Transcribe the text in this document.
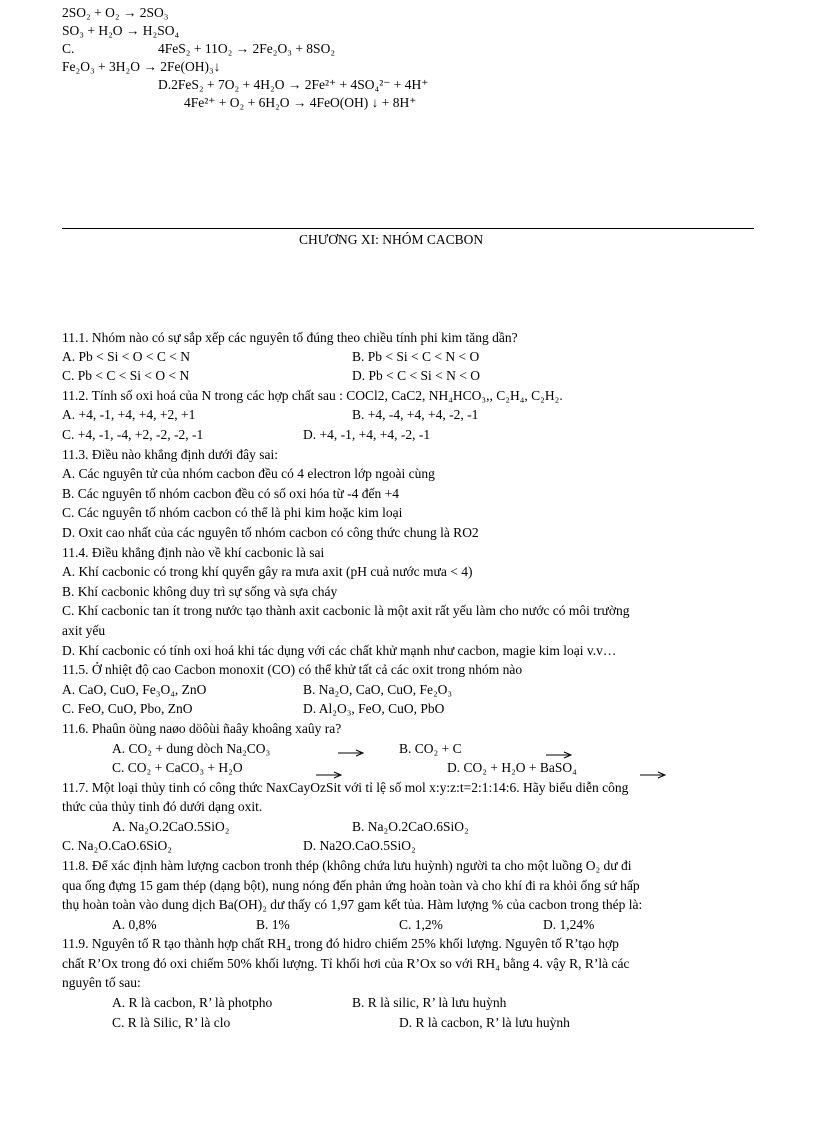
2SO₂ + O₂ → 2SO₃
SO₃ + H₂O → H₂SO₄
C.	4FeS₂ + 11O₂ → 2Fe₂O₃ + 8SO₂
Fe₂O₃ + 3H₂O → 2Fe(OH)₃↓
D.2FeS₂ + 7O₂ + 4H₂O → 2Fe²⁺ + 4SO₄²⁻ + 4H⁺
4Fe²⁺ + O₂ + 6H₂O → 4FeO(OH) ↓ + 8H⁺
CHƯƠNG XI: NHÓM CACBON
11.1. Nhóm nào có sự sắp xếp các nguyên tố đúng theo chiều tính phi kim tăng dần?
A. Pb < Si < O < C < N	B. Pb < Si < C < N < O
C. Pb < C < Si < O < N	D. Pb < C < Si < N < O
11.2. Tính số oxi hoá của N trong các hợp chất sau : COCl2, CaC2, NH₄HCO₃,, C₂H₄, C₂H₂.
A. +4, -1, +4, +4, +2, +1	B. +4, -4, +4, +4, -2, -1
C. +4, -1, -4, +2, -2, -2, -1	D. +4, -1, +4, +4, -2, -1
11.3. Điều nào khẳng định dưới đây sai:
A. Các nguyên tử của nhóm cacbon đều có 4 electron lớp ngoài cùng
B. Các nguyên tố nhóm cacbon đều có số oxi hóa từ -4 đến +4
C. Các nguyên tố nhóm cacbon có thể là phi kim hoặc kim loại
D. Oxit cao nhất của các nguyên tố nhóm cacbon có công thức chung là RO2
11.4. Điều khẳng định nào về khí cacbonic là sai
A. Khí cacbonic có trong khí quyển gây ra mưa axit (pH cuả nước mưa < 4)
B. Khí cacbonic không duy trì sự sống và sựa cháy
C. Khí cacbonic tan ít trong nước tạo thành axit cacbonic là một axit rất yếu làm cho nước có môi trường
axit yếu
D. Khí cacbonic có tính oxi hoá khi tác dụng với các chất khử mạnh như cacbon, magie kim loại v.v…
11.5. Ở nhiệt độ cao Cacbon monoxit (CO) có thể khử tất cả các oxit trong nhóm nào
A. CaO, CuO, Fe₃O₄, ZnO	B. Na₂O, CaO, CuO, Fe₂O₃
C. FeO, CuO, Pbo, ZnO	D. Al₂O₃, FeO, CuO, PbO
11.6. Phaûn öùng naøo döôùi ñaây khoâng xaûy ra?
A. CO₂ + dung dòch Na₂CO₃	B. CO₂ + C
C. CO₂ + CaCO₃ + H₂O	D. CO₂ + H₂O + BaSO₄
11.7. Một loại thủy tinh có công thức NaxCayOzSit với tỉ lệ số mol x:y:z:t=2:1:14:6. Hãy biểu diễn công
thức của thủy tinh đó dưới dạng oxit.
A. Na₂O.2CaO.5SiO₂	B. Na₂O.2CaO.6SiO₂
C. Na₂O.CaO.6SiO₂	D. Na2O.CaO.5SiO₂
11.8. Để xác định hàm lượng cacbon tronh thép (không chứa lưu huỳnh) người ta cho một luồng O₂ dư đi
qua ống đựng 15 gam thép (dạng bột), nung nóng đến phản ứng hoàn toàn và cho khí đi ra khỏi ống sứ hấp
thụ hoàn toàn vào dung dịch Ba(OH)₂ dư thấy có 1,97 gam kết tủa. Hàm lượng % của cacbon trong thép là:
A. 0,8%	B. 1%	C. 1,2%	D. 1,24%
11.9. Nguyên tố R tạo thành hợp chất RH₄ trong đó hidro chiếm 25% khối lượng. Nguyên tố R’tạo hợp
chất R’Ox trong đó oxi chiếm 50% khối lượng. Tỉ khối hơi của R’Ox so với RH₄ bằng 4. vậy R, R’là các
nguyên tố sau:
A. R là cacbon, R’ là photpho	B. R là silic, R’ là lưu huỳnh
C. R là Silic, R’ là clo	D. R là cacbon, R’ là lưu huỳnh
